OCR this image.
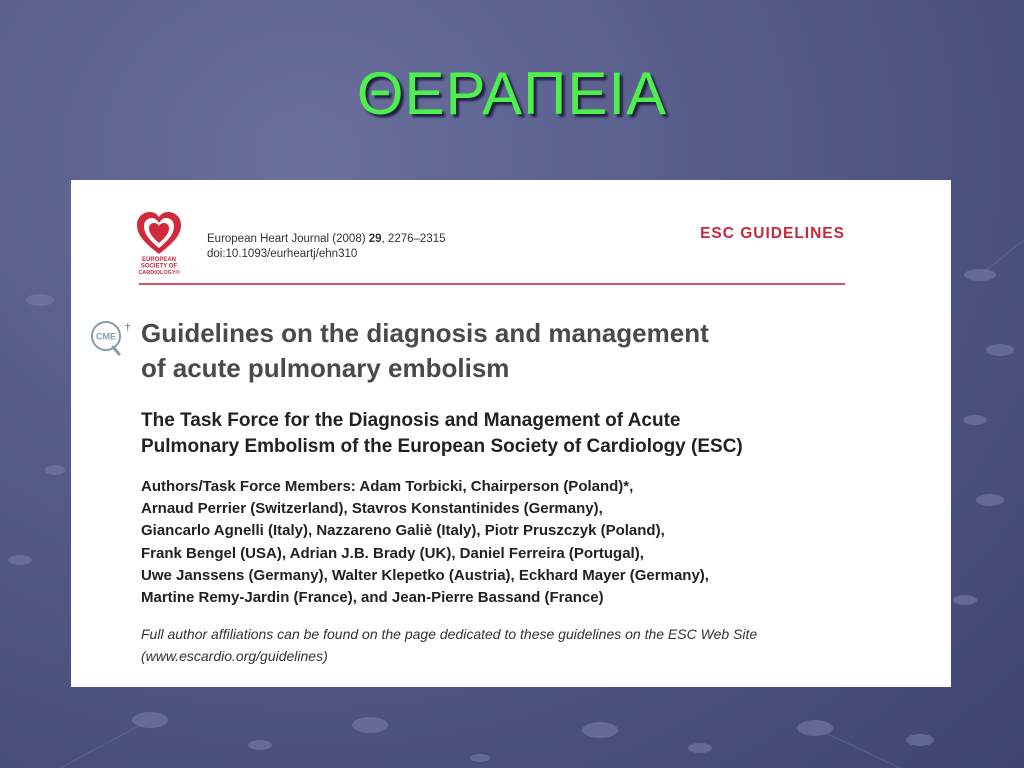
ΘΕΡΑΠΕΙΑ
EUROPEAN
SOCIETY OF
CARDIOLOGY®
European Heart Journal (2008) 29, 2276–2315
doi:10.1093/eurheartj/ehn310
ESC GUIDELINES
CME
† Guidelines on the diagnosis and management
of acute pulmonary embolism
The Task Force for the Diagnosis and Management of Acute
Pulmonary Embolism of the European Society of Cardiology (ESC)
Authors/Task Force Members: Adam Torbicki, Chairperson (Poland)*,
Arnaud Perrier (Switzerland), Stavros Konstantinides (Germany),
Giancarlo Agnelli (Italy), Nazzareno Galiè (Italy), Piotr Pruszczyk (Poland),
Frank Bengel (USA), Adrian J.B. Brady (UK), Daniel Ferreira (Portugal),
Uwe Janssens (Germany), Walter Klepetko (Austria), Eckhard Mayer (Germany),
Martine Remy-Jardin (France), and Jean-Pierre Bassand (France)
Full author affiliations can be found on the page dedicated to these guidelines on the ESC Web Site
(www.escardio.org/guidelines)
